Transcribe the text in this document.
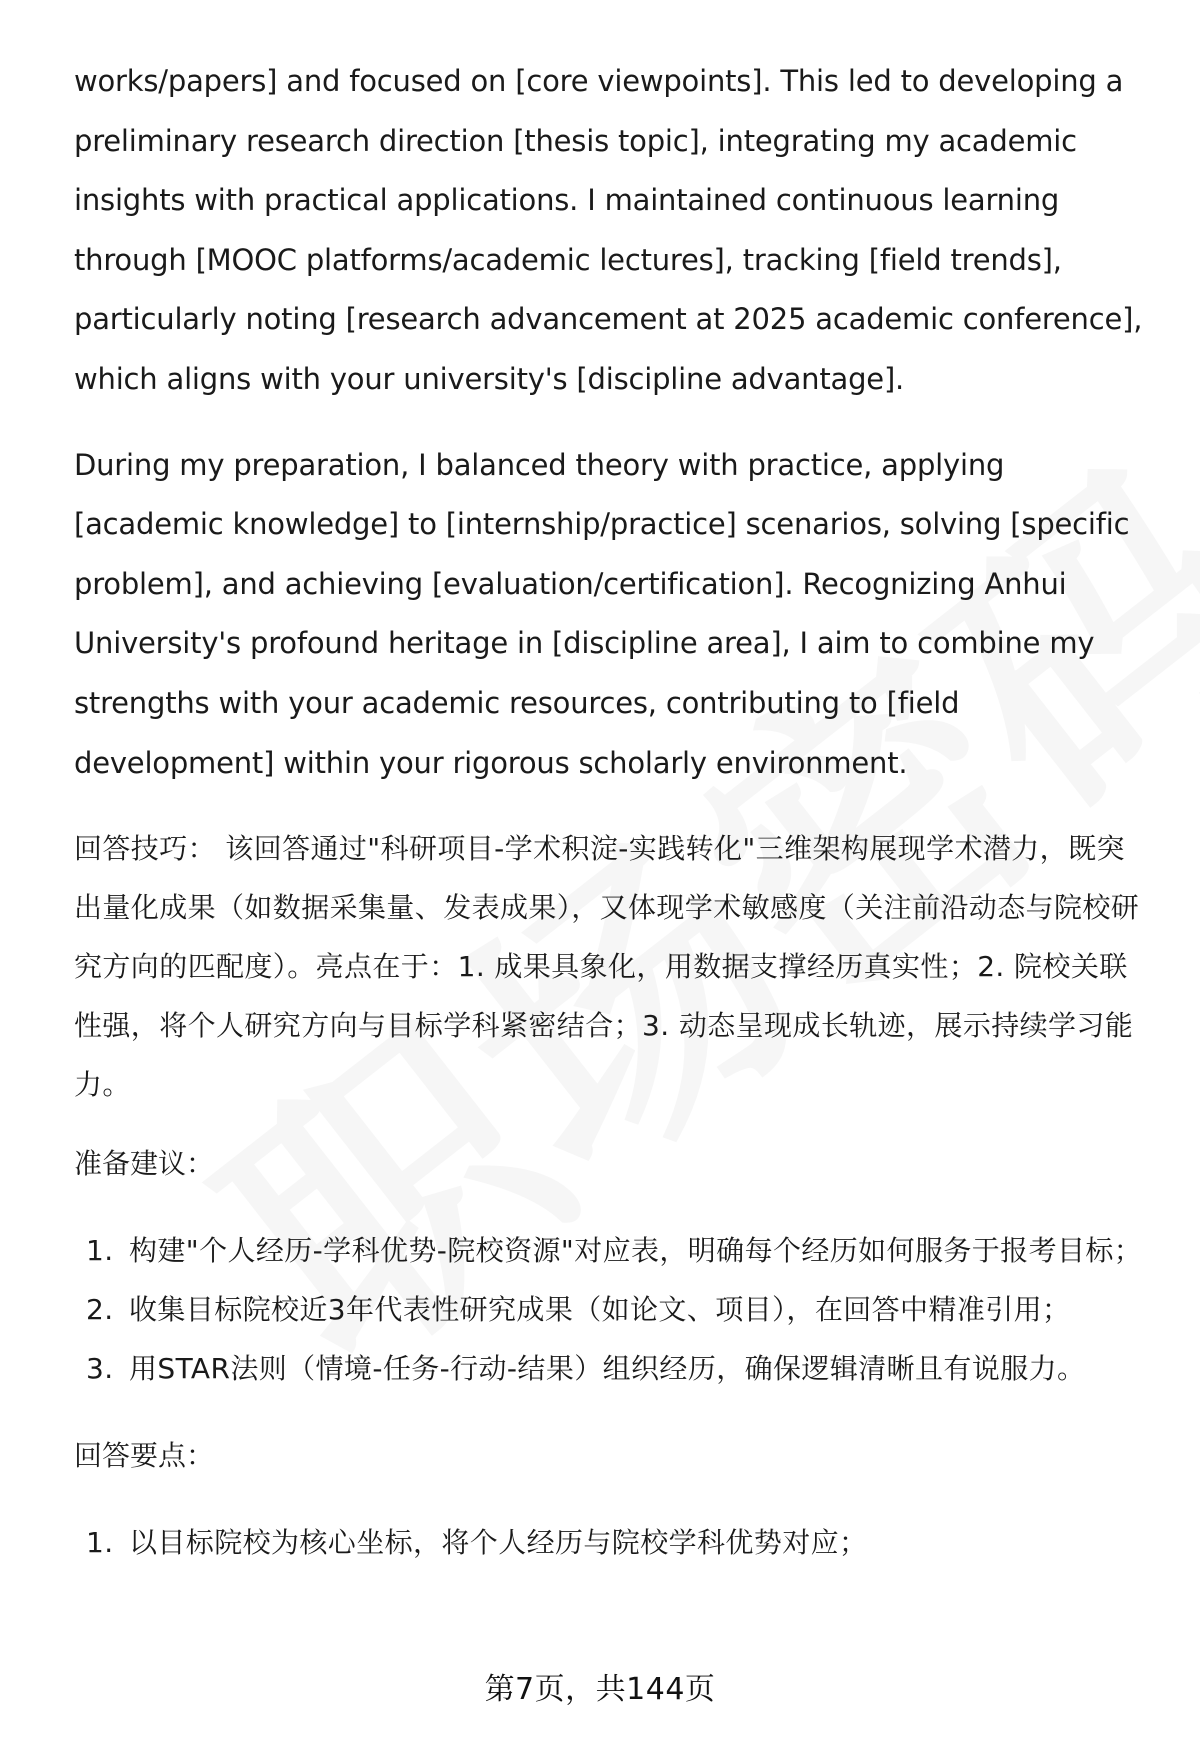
works/papers] and focused on [core viewpoints]. This led to developing a preliminary research direction [thesis topic], integrating my academic insights with practical applications. I maintained continuous learning through [MOOC platforms/academic lectures], tracking [field trends], particularly noting [research advancement at 2025 academic conference], which aligns with your university's [discipline advantage].

During my preparation, I balanced theory with practice, applying [academic knowledge] to [internship/practice] scenarios, solving [specific problem], and achieving [evaluation/certification]. Recognizing Anhui University's profound heritage in [discipline area], I aim to combine my strengths with your academic resources, contributing to [field development] within your rigorous scholarly environment.

回答技巧： 该回答通过"科研项目-学术积淀-实践转化"三维架构展现学术潜力，既突出量化成果（如数据采集量、发表成果），又体现学术敏感度（关注前沿动态与院校研究方向的匹配度）。亮点在于：1. 成果具象化，用数据支撑经历真实性；2. 院校关联性强，将个人研究方向与目标学科紧密结合；3. 动态呈现成长轨迹，展示持续学习能力。

准备建议：

1. 构建"个人经历-学科优势-院校资源"对应表，明确每个经历如何服务于报考目标；
2. 收集目标院校近3年代表性研究成果（如论文、项目），在回答中精准引用；
3. 用STAR法则（情境-任务-行动-结果）组织经历，确保逻辑清晰且有说服力。

回答要点：

1. 以目标院校为核心坐标，将个人经历与院校学科优势对应；
第7页，共144页
